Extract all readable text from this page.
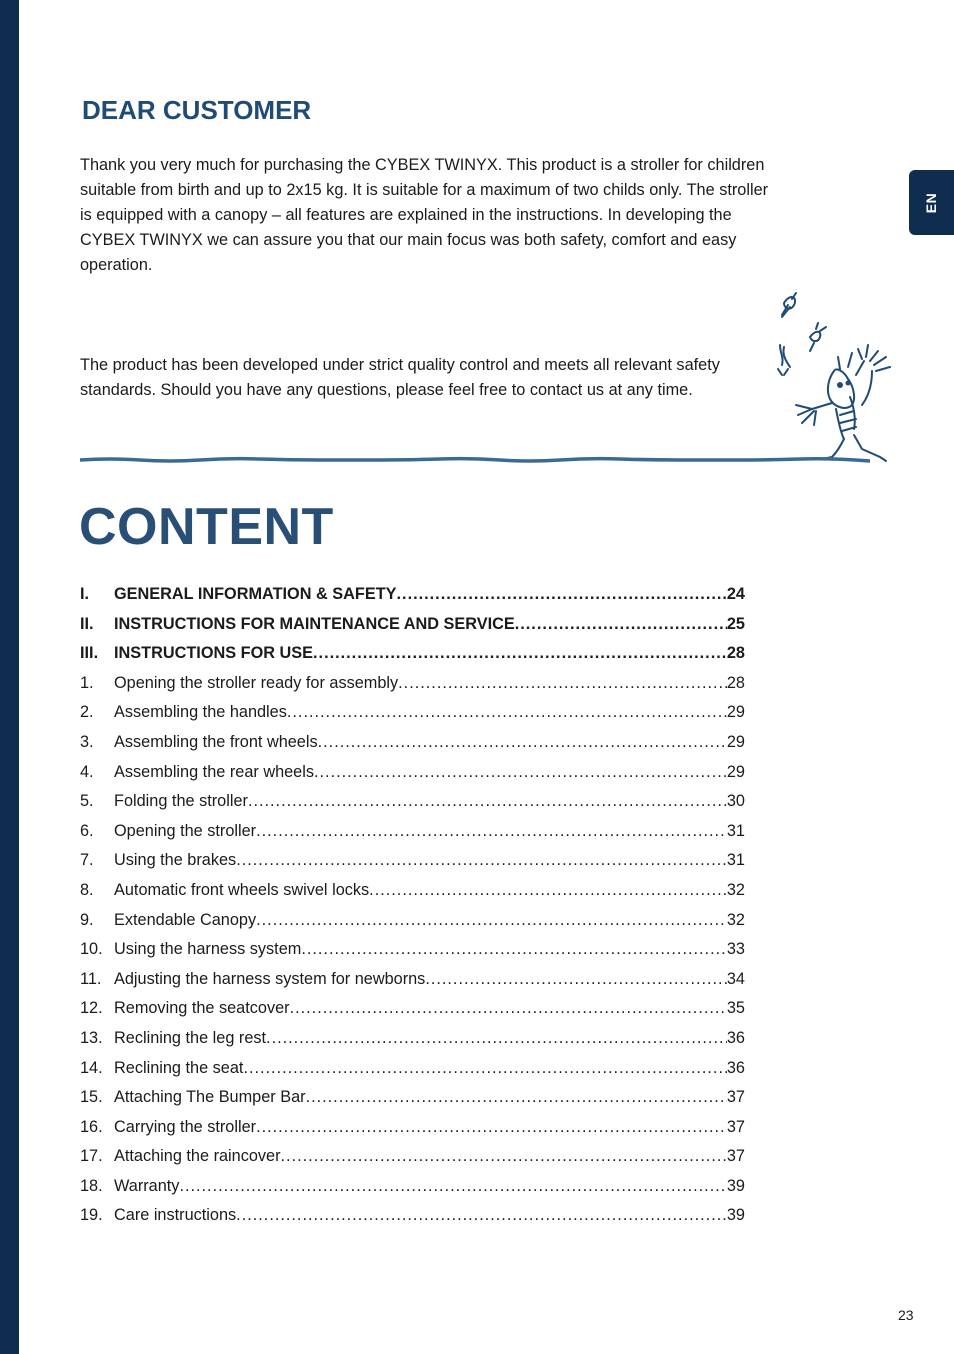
EN
DEAR CUSTOMER

Thank you very much for purchasing the CYBEX TWINYX. This product is a stroller for children suitable from birth and up to 2x15 kg. It is suitable for a maximum of two childs only. The stroller is equipped with a canopy – all features are explained in the instructions. In developing the CYBEX TWINYX we can assure you that our main focus was both safety, comfort and easy operation.

The product has been developed under strict quality control and meets all relevant safety standards. Should you have any questions, please feel free to contact us at any time.

CONTENT
I.	GENERAL INFORMATION & SAFETY .....	24
II.	INSTRUCTIONS FOR MAINTENANCE AND SERVICE .....	25
III. INSTRUCTIONS FOR USE .....	28
1.	Opening the stroller ready for assembly .....	28
2.	Assembling the handles .....	29
3.	Assembling the front wheels .....	29
4.	Assembling the rear wheels .....	29
5.	Folding the stroller .....	30
6.	Opening the stroller .....	31
7.	Using the brakes .....	31
8.	Automatic front wheels swivel locks .....	32
9.	Extendable Canopy .....	32
10. Using the harness system .....	33
11. Adjusting the harness system for newborns .....	34
12. Removing the seatcover .....	35
13. Reclining the leg rest .....	36
14. Reclining the seat .....	36
15. Attaching The Bumper Bar .....	37
16. Carrying the stroller .....	37
17. Attaching the raincover .....	37
18. Warranty .....	39
19. Care instructions .....	39
23
